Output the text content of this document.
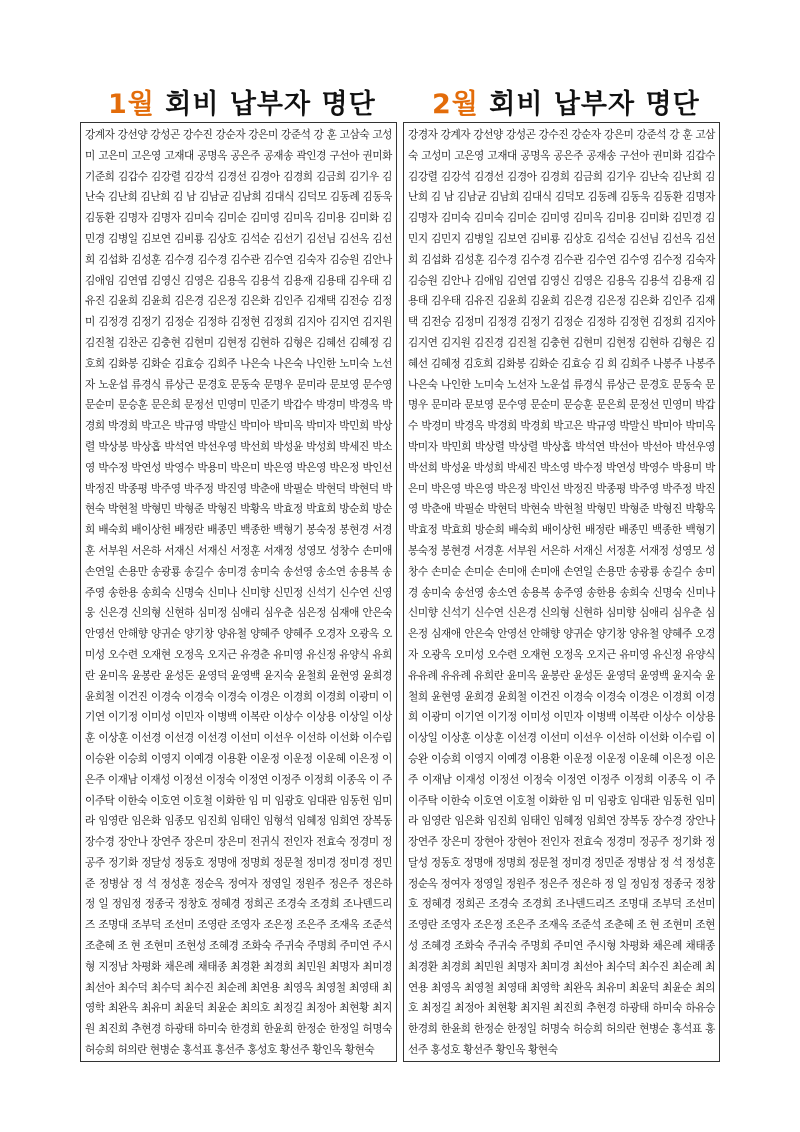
1월 회비 납부자 명단 2월 회비 납부자 명단
강계자 강선양 강성곤 강수진 강순자 강은미 강준석 강 훈 고삼숙 고성미 고은미 고은영 고재대 공명옥 공은주 공재송 곽인경 구선아 권미화 기준희 김갑수 김강렬 김강석 김경선 김경아 김경희 김금희 김기우 김난숙 김난희 김난희 김 남 김남균 김남희 김대식 김덕모 김동례 김동욱 김동환 김명자 김명자 김미숙 김미순 김미영 김미옥 김미용 김미화 김민경 김병일 김보연 김비룡 김상호 김석순 김선기 김선님 김선옥 김선희 김섭화 김성훈 김수경 김수경 김수관 김수연 김숙자 김승원 김안나 김애임 김연엽 김영신 김영은 김용옥 김용석 김용재 김용태 김우태 김유진 김윤희 김윤희 김은경 김은정 김은화 김인주 김재택 김전승 김정미 김정경 김정기 김정순 김정하 김정현 김정희 김지아 김지연 김지원 김진철 김찬곤 김충현 김현미 김현정 김현하 김형은 김혜선 김혜정 김호희 김화봉 김화순 김효승 김희주 나은숙 나은숙 나인한 노미숙 노선자 노운섭 류경식 류상근 문경호 문동숙 문명우 문미라 문보영 문수영 문순미 문승훈 문은희 문정선 민영미 민준기 박갑수 박경미 박경옥 박경희 박경희 박고은 박규영 박말신 박미아 박미옥 박미자 박민희 박상렬 박상봉 박상홉 박석연 박선우영 박선희 박성윤 박성희 박세진 박소영 박수정 박연성 박영수 박용미 박은미 박은영 박은영 박은정 박인선 박정진 박종평 박주영 박주정 박진영 박춘애 박필순 박현덕 박현덕 박현숙 박현철 박형민 박형준 박형진 박황옥 박효정 박효희 방순희 방순희 배숙희 배이상헌 배정란 배종민 백종한 백형기 봉숙정 봉현경 서경훈 서부원 서은하 서재신 서재신 서정훈 서재정 성영모 성창수 손미애 손연일 손용만 송광룡 송길수 송미경 송미숙 송선영 송소연 송용복 송주영 송한용 송희숙 신명숙 신미나 신미향 신민정 신석기 신수연 신영웅 신은경 신의형 신현하 심미정 심애리 심우춘 심은정 심재애 안은숙 안영선 안해향 양귀순 양기창 양유철 양혜주 양혜주 오경자 오광옥 오미성 오수련 오재현 오정옥 오지근 유경춘 유미영 유신정 유양식 유희란 윤미옥 윤봉란 윤성돈 윤영덕 윤영백 윤지숙 윤철희 윤현영 윤희경 윤희철 이건진 이경숙 이경숙 이경숙 이경은 이경희 이경희 이광미 이기연 이기정 이미성 이민자 이병백 이복란 이상수 이상용 이상일 이상훈 이상훈 이선경 이선경 이선경 이선미 이선우 이선하 이선화 이수림 이승완 이승희 이영지 이예경 이용환 이운정 이운정 이운혜 이은정 이은주 이재남 이재성 이정선 이정숙 이정연 이정주 이정희 이종옥 이 주 이주탁 이한숙 이호연 이호철 이화한 임 미 임광호 임대관 임동헌 임미라 임영란 임은화 임종모 임진희 임태인 임형석 임혜정 임희연 장복동 장수경 장안나 장연주 장은미 장은미 전귀식 전인자 전효숙 정경미 정공주 정기화 정달성 정동호 정명애 정명희 정문철 정미경 정미경 정민준 정병삼 정 석 정성훈 정순옥 정여자 정영일 정원주 정은주 정은하 정 일 정임정 정종국 정창호 정혜경 정희곤 조경숙 조경희 조나덴드리즈 조명대 조부덕 조선미 조영란 조영자 조은정 조은주 조재옥 조준석 조춘혜 조 현 조현미 조현성 조혜경 조화숙 주귀숙 주명희 주미연 주시형 지정남 차평화 채은례 채태종 최경환 최경희 최민원 최명자 최미경 최선아 최수덕 최수덕 최수진 최순례 최연용 최영옥 최영철 최영태 최영학 최완옥 최유미 최윤덕 최윤순 최의호 최정길 최정아 최현황 최지원 최진희 추현경 하광태 하미숙 한경희 한윤희 한정순 한정일 허명숙 허승희 허의란 현병순 홍석표 홍선주 홍성호 황선주 황인옥 황현숙
강경자 강계자 강선양 강성곤 강수진 강순자 강은미 강준석 강 훈 고삼숙 고성미 고은영 고재대 공명옥 공은주 공재송 구선아 권미화 김갑수 김강렬 김강석 김경선 김경아 김경희 김금희 김기우 김난숙 김난희 김난희 김 남 김남균 김남희 김대식 김덕모 김동례 김동욱 김동환 김명자 김명자 김미숙 김미숙 김미순 김미영 김미옥 김미용 김미화 김민경 김민지 김민지 김병일 김보연 김비룡 김상호 김석순 김선님 김선옥 김선희 김섭화 김성훈 김수경 김수경 김수관 김수연 김수영 김수정 김숙자 김승원 김안나 김애임 김연엽 김영신 김영은 김용옥 김용석 김용재 김용태 김우태 김유진 김윤희 김윤희 김은경 김은정 김은화 김인주 김재택 김전승 김정미 김정경 김정기 김정순 김정하 김정현 김정희 김지아 김지연 김지원 김진경 김진철 김충현 김현미 김현정 김현하 김형은 김혜선 김혜정 김호희 김화봉 김화순 김효승 김 희 김희주 나봉주 나봉주 나은숙 나인한 노미숙 노선자 노운섭 류경식 류상근 문경호 문동숙 문명우 문미라 문보영 문수영 문순미 문승훈 문은희 문정선 민영미 박갑수 박경미 박경옥 박경희 박경희 박고은 박규영 박말신 박미아 박미옥 박미자 박민희 박상렬 박상렬 박상홉 박석연 박선아 박선아 박선우영박선희 박성윤 박성희 박세진 박소영 박수정 박연성 박영수 박용미 박은미 박은영 박은영 박은정 박인선 박정진 박종평 박주영 박주정 박진영 박춘애 박필순 박현덕 박현숙 박현철 박형민 박형준 박형진 박황옥 박효정 박효희 방순희 배숙희 배이상헌 배정란 배종민 백종한 백형기 봉숙정 봉현경 서경훈 서부원 서은하 서재신 서정훈 서재정 성영모 성창수 손미순 손미순 손미애 손미애 손연일 손용만 송광룡 송길수 송미경 송미숙 송선영 송소연 송용복 송주영 송한용 송희숙 신명숙 신미나 신미향 신석기 신수연 신은경 신의형 신현하 심미향 심애리 심우춘 심은정 심재애 안은숙 안영선 안해향 양귀순 양기창 양유철 양혜주 오경자 오광옥 오미성 오수련 오재현 오정옥 오지근 유미영 유신정 유양식 유유례 유유례 유희란 윤미옥 윤봉란 윤성돈 윤영덕 윤영백 윤지숙 윤철희 윤현영 윤희경 윤희철 이건진 이경숙 이경숙 이경은 이경희 이경희 이광미 이기연 이기정 이미성 이민자 이병백 이복란 이상수 이상용 이상일 이상훈 이상훈 이선경 이선미 이선우 이선하 이선화 이수림 이승완 이승희 이영지 이예경 이용환 이운정 이운정 이운혜 이은정 이은주 이재남 이재성 이정선 이정숙 이정연 이정주 이정희 이종옥 이 주 이주탁 이한숙 이호연 이호철 이화한 임 미 임광호 임대관 임동헌 임미라 임영란 임은화 임진희 임태인 임혜정 임희연 장복동 장수경 장안나 장연주 장은미 장현아 장현아 전인자 전효숙 정경미 정공주 정기화 정달성 정동호 정명애 정명희 정문철 정미경 정민준 정병삼 정 석 정성훈 정순옥 정여자 정영일 정원주 정은주 정은하 정 일 정임정 정종국 정창호 정혜경 정희곤 조경숙 조경희 조나덴드리즈 조명대 조부덕 조선미 조영란 조영자 조은정 조은주 조재옥 조준석 조춘혜 조 현 조현미 조현성 조혜경 조화숙 주귀숙 주명희 주미연 주시형 차평화 채은례 채태종 최경환 최경희 최민원 최명자 최미경 최선아 최수덕 최수진 최순례 최연용 최영옥 최영철 최영태 최영학 최완옥 최유미 최윤덕 최윤순 최의호 최정길 최정아 최현황 최지원 최진희 추현경 하광태 하미숙 하유승 한경희 한윤희 한정순 한정일 허명숙 허승희 허의란 현병순 홍석표 홍선주 홍성호 황선주 황인옥 황현숙
